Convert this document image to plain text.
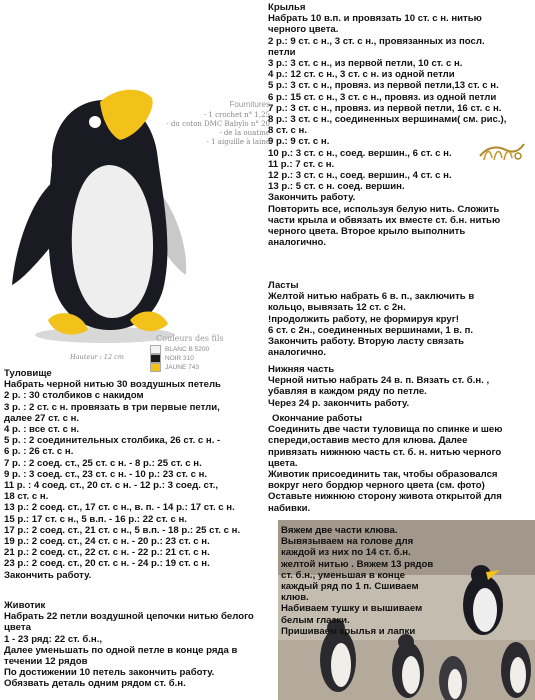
Fournitures
- 1 crochet n° 1,25
- du coton DMC Babylo n° 20
- de la ouatine
- 1 aiguille à laine
Hauteur : 12 cm
Couleurs des fils
BLANC B 5200
NOIR 310
JAUNE 743
Крылья
Набрать 10 в.п. и провязать 10 ст. с н. нитью
черного цвета.
2 р.: 9 ст. с н., 3 ст. с н., провязанных из посл.
петли
3 р.: 3 ст. с н., из первой петли, 10 ст. с н.
4 р.: 12 ст. с н., 3 ст. с н. из одной петли
5 р.: 3 ст. с н., провяз. из первой петли,13 ст. с н.
6 р.: 15 ст. с н., 3 ст. с н., провяз. из одной петли
7 р.: 3 ст. с н., провяз. из первой петли, 16 ст. с н.
8 р.: 3 ст. с н., соединенных вершинами( см. рис.),
8 ст. с н.
9 р.: 9 ст. с н.
10 р.: 3 ст. с н., соед. вершин., 6 ст. с н.
11 р.: 7 ст. с н.
12 р.: 3 ст. с н., соед. вершин., 4 ст. с н.
13 р.: 5 ст. с н. соед. вершин.
Закончить работу.
Повторить все, используя белую нить. Сложить
части крыла и обвязать их вместе ст. б.н. нитью
черного цвета. Второе крыло выполнить
аналогично.
Ласты
Желтой нитью набрать 6 в. п., заключить в
кольцо, вывязать 12 ст. с 2н.
!продолжить работу, не формируя круг!
6 ст. с 2н., соединенных вершинами, 1 в. п.
Закончить работу. Вторую ласту связать
аналогично.
Нижняя часть
Черной нитью набрать 24 в. п. Вязать ст. б.н. ,
убавляя в каждом ряду по петле.
Через 24 р. закончить работу.
Окончание работы
Соединить две части туловища по спинке и шею
спереди,оставив место для клюва. Далее
привязать нижнюю часть ст. б. н. нитью черного
цвета.
Животик присоединить так, чтобы образовался
вокруг него бордюр черного цвета (см. фото)
Оставьте нижнюю сторону живота открытой для
набивки.
Вяжем две части клюва.
Вывязываем на голове для
каждой из них по 14 ст. б.н.
желтой нитью . Вяжем 13 рядов
ст. б.н., уменьшая в конце
каждый ряд по 1 п. Сшиваем
клюв.
Набиваем тушку и вышиваем
белым глазки.
Пришиваем крылья и лапки
Туловище
Набрать черной нитью 30 воздушных петель
2 р. : 30 столбиков с накидом
3 р. : 2 ст. с н. провязать в три первые петли,
далее 27 ст. с н.
4 р. : все ст. с н.
5 р. : 2 соединительных столбика, 26 ст. с н. -
6 р. : 26 ст. с н.
7 р. : 2 соед. ст., 25 ст. с н. - 8 р.: 25 ст. с н.
9 р. : 3 соед. ст., 23 ст. с н. - 10 р.: 23 ст. с н.
11 р. : 4 соед. ст., 20 ст. с н. - 12 р.: 3 соед. ст.,
18 ст. с н.
13 р.: 2 соед. ст., 17 ст. с н., в. п. - 14 р.: 17 ст. с н.
15 р.: 17 ст. с н., 5 в.п. - 16 р.: 22 ст. с н.
17 р.: 2 соед. ст., 21 ст. с н., 5 в.п. - 18 р.: 25 ст. с н.
19 р.: 2 соед. ст., 24 ст. с н. - 20 р.: 23 ст. с н.
21 р.: 2 соед. ст., 22 ст. с н. - 22 р.: 21 ст. с н.
23 р.: 2 соед. ст., 20 ст. с н. - 24 р.: 19 ст. с н.
Закончить работу.
Животик
Набрать 22 петли воздушной цепочки нитью белого
цвета
1 - 23 ряд: 22 ст. б.н.,
Далее уменьшать по одной петле в конце ряда в
течении 12 рядов
По достижении 10 петель закончить работу.
Обязвать деталь одним рядом ст. б.н.
